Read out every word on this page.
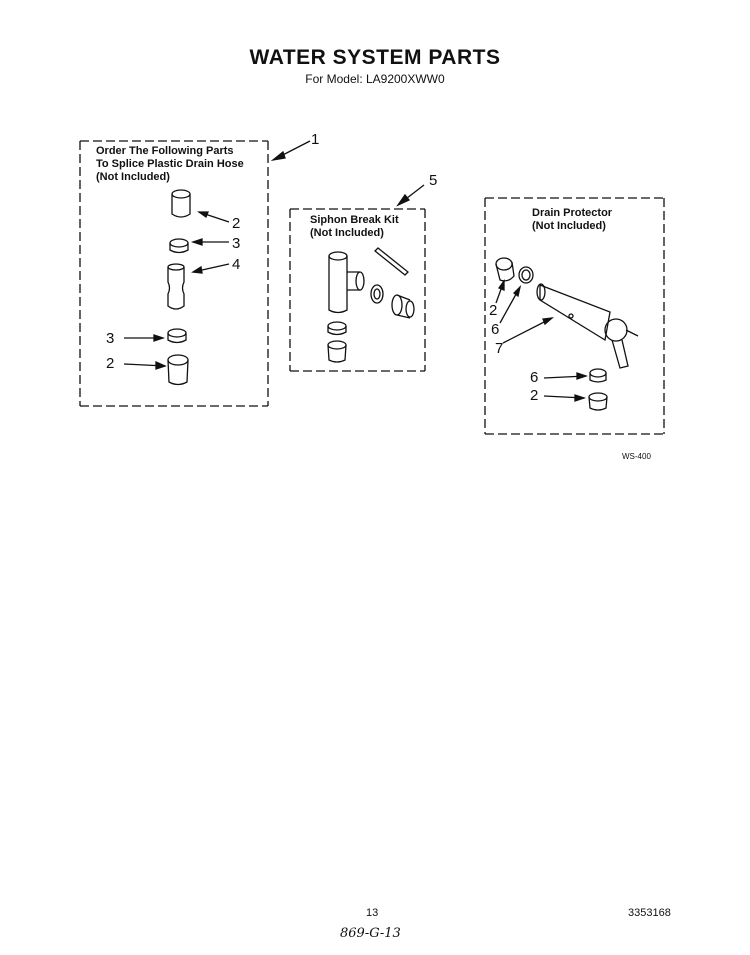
WATER SYSTEM PARTS
For Model: LA9200XWW0
Order The Following Parts
To Splice Plastic Drain Hose
(Not Included)
Siphon Break Kit
(Not Included)
Drain Protector
(Not Included)
1
5
2
3
4
3
2
2
6
7
6
2
WS-400
13	3353168
869-G-13
